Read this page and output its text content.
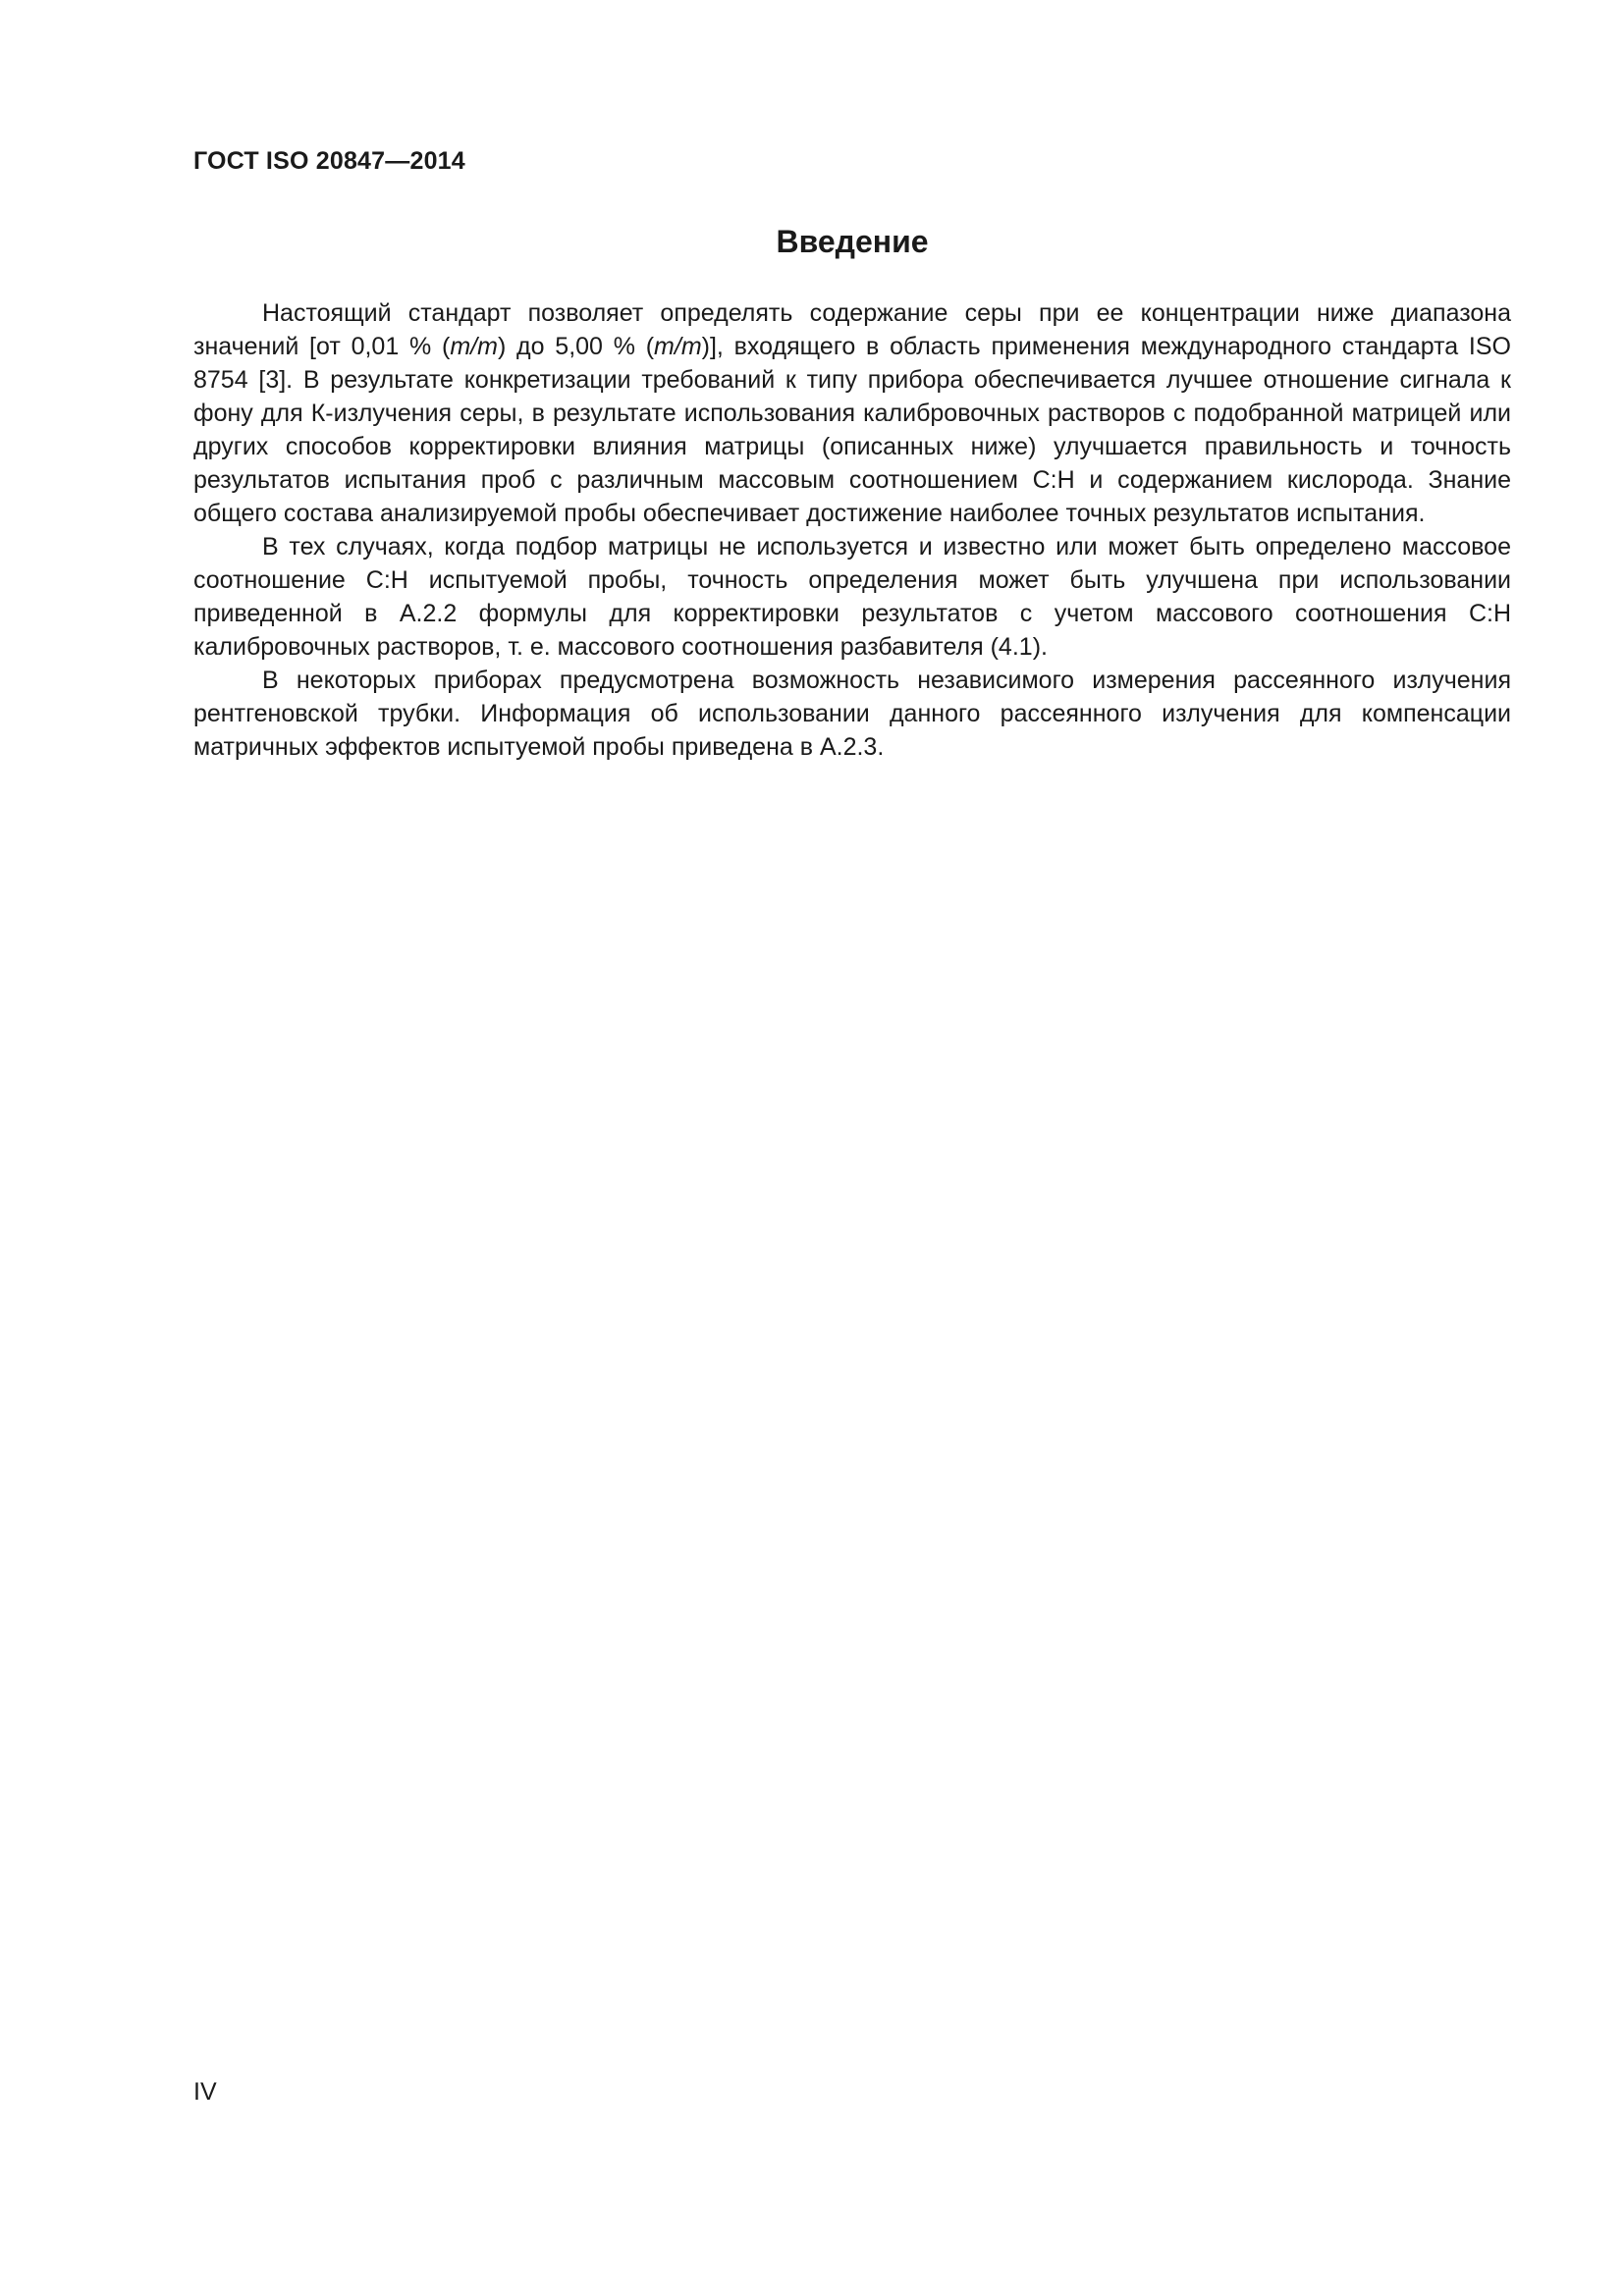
ГОСТ ISO 20847—2014
Введение

Настоящий стандарт позволяет определять содержание серы при ее концентрации ниже диапазона значений [от 0,01 % (m/m) до 5,00 % (m/m)], входящего в область применения международного стандарта ISO 8754 [3]. В результате конкретизации требований к типу прибора обеспечивается лучшее отношение сигнала к фону для К-излучения серы, в результате использования калибровочных растворов с подобранной матрицей или других способов корректировки влияния матрицы (описанных ниже) улучшается правильность и точность результатов испытания проб с различным массовым соотношением С:Н и содержанием кислорода. Знание общего состава анализируемой пробы обеспечивает достижение наиболее точных результатов испытания.

В тех случаях, когда подбор матрицы не используется и известно или может быть определено массовое соотношение С:Н испытуемой пробы, точность определения может быть улучшена при использовании приведенной в А.2.2 формулы для корректировки результатов с учетом массового соотношения С:Н калибровочных растворов, т. е. массового соотношения разбавителя (4.1).

В некоторых приборах предусмотрена возможность независимого измерения рассеянного излучения рентгеновской трубки. Информация об использовании данного рассеянного излучения для компенсации матричных эффектов испытуемой пробы приведена в А.2.3.

IV
